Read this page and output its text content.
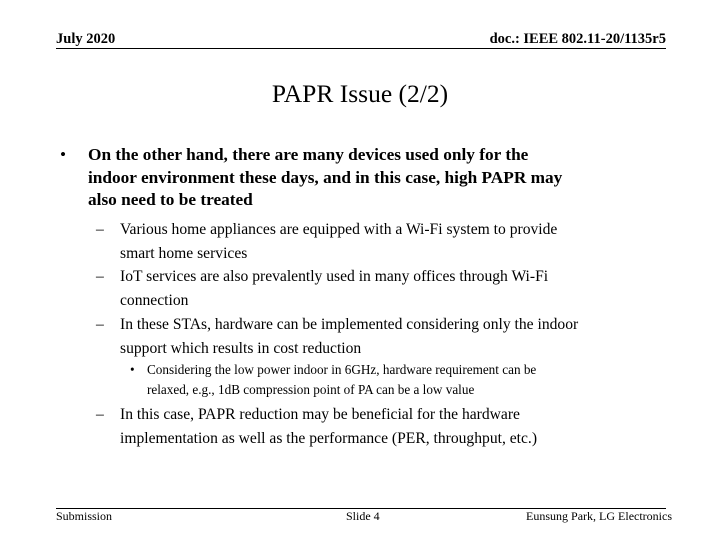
July 2020	doc.: IEEE 802.11-20/1135r5
PAPR Issue (2/2)
• On the other hand, there are many devices used only for the
indoor environment these days, and in this case, high PAPR may
also need to be treated
– Various home appliances are equipped with a Wi-Fi system to provide
smart home services
– IoT services are also prevalently used in many offices through Wi-Fi
connection
– In these STAs, hardware can be implemented considering only the indoor
support which results in cost reduction
• Considering the low power indoor in 6GHz, hardware requirement can be
relaxed, e.g., 1dB compression point of PA can be a low value
– In this case, PAPR reduction may be beneficial for the hardware
implementation as well as the performance (PER, throughput, etc.)
Submission	Slide 4	Eunsung Park, LG Electronics
